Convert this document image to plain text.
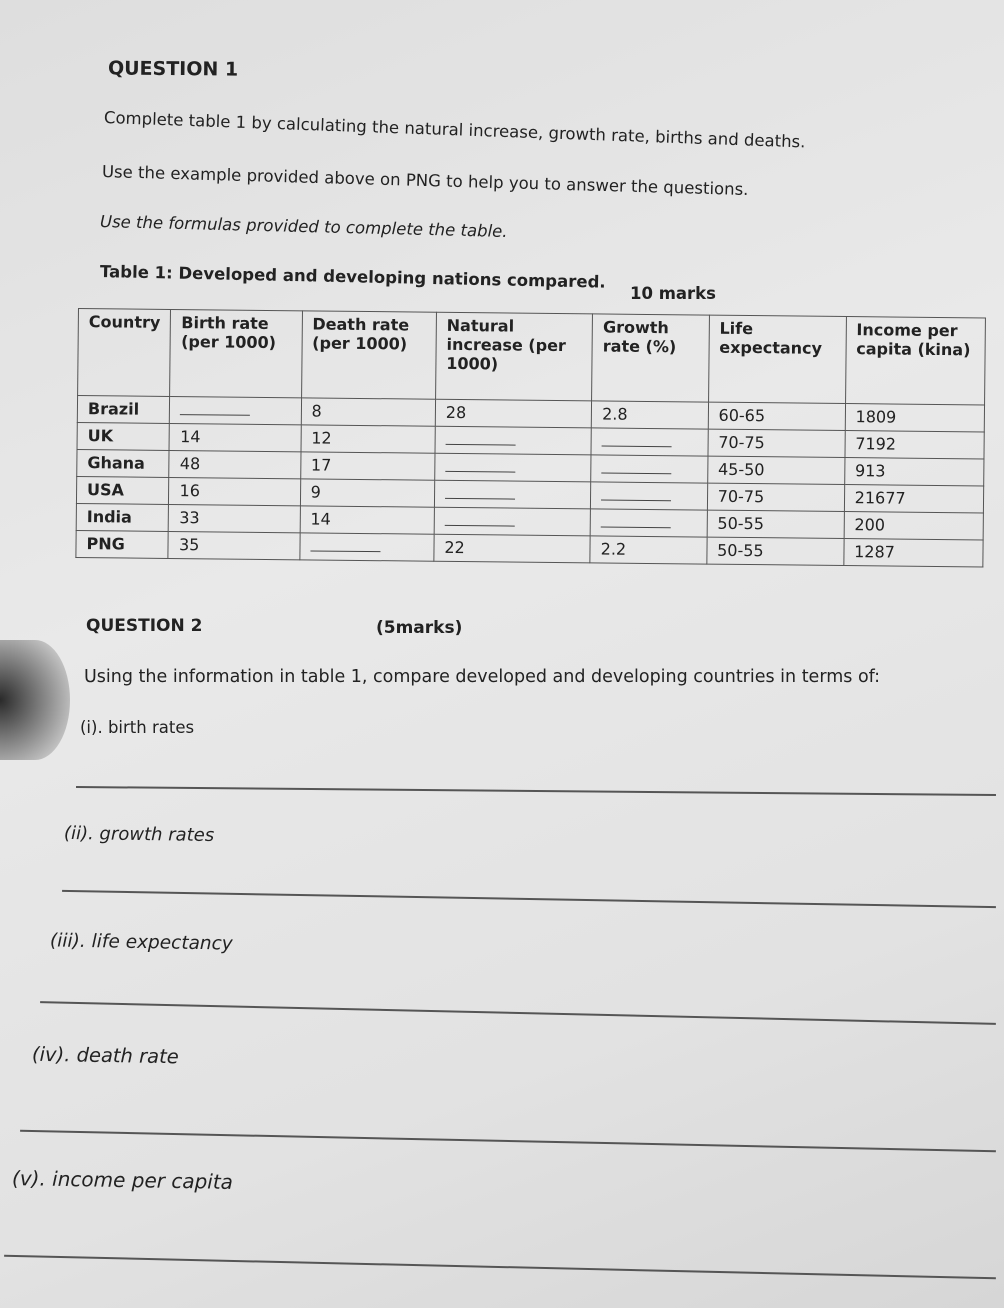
QUESTION 1
Complete table 1 by calculating the natural increase, growth rate, births and deaths.
Use the example provided above on PNG to help you to answer the questions.
Use the formulas provided to complete the table.
Table 1: Developed and developing nations compared.
10 marks
Country	Birth rate (per 1000)	Death rate (per 1000)	Natural increase (per 1000)	Growth rate (%)	Life expectancy	Income per capita (kina)
Brazil		8	28	2.8	60-65	1809
UK	14	12			70-75	7192
Ghana	48	17			45-50	913
USA	16	9			70-75	21677
India	33	14			50-55	200
PNG	35		22	2.2	50-55	1287
QUESTION 2	(5marks)
Using the information in table 1, compare developed and developing countries in terms of:
(i). birth rates
(ii). growth rates
(iii). life expectancy
(iv). death rate
(v). income per capita
